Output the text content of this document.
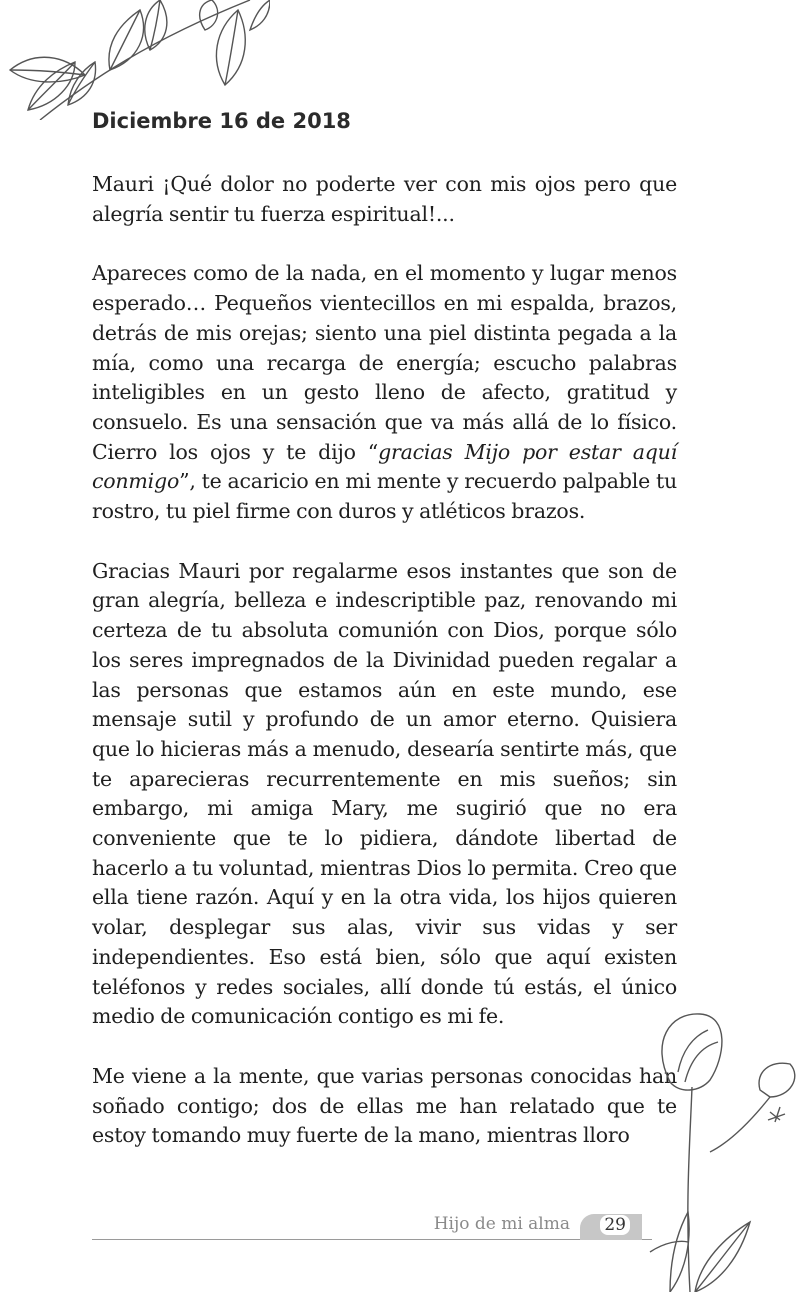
Diciembre 16 de 2018

Mauri ¡Qué dolor no poderte ver con mis ojos pero que alegría sentir tu fuerza espiritual!...

Apareces como de la nada, en el momento y lugar menos esperado… Pequeños vientecillos en mi espalda, brazos, detrás de mis orejas; siento una piel distinta pegada a la mía, como una recarga de energía; escucho palabras inteligibles en un gesto lleno de afecto, gratitud y consuelo. Es una sensación que va más allá de lo físico. Cierro los ojos y te dijo “gracias Mijo por estar aquí conmigo”, te acaricio en mi mente y recuerdo palpable tu rostro, tu piel firme con duros y atléticos brazos.

Gracias Mauri por regalarme esos instantes que son de gran alegría, belleza e indescriptible paz, renovando mi certeza de tu absoluta comunión con Dios, porque sólo los seres impregnados de la Divinidad pueden regalar a las personas que estamos aún en este mundo, ese mensaje sutil y profundo de un amor eterno. Quisiera que lo hicieras más a menudo, desearía sentirte más, que te aparecieras recurrentemente en mis sueños; sin embargo, mi amiga Mary, me sugirió que no era conveniente que te lo pidiera, dándote libertad de hacerlo a tu voluntad, mientras Dios lo permita. Creo que ella tiene razón. Aquí y en la otra vida, los hijos quieren volar, desplegar sus alas, vivir sus vidas y ser independientes. Eso está bien, sólo que aquí existen teléfonos y redes sociales, allí donde tú estás, el único medio de comunicación contigo es mi fe.

Me viene a la mente, que varias personas conocidas han soñado contigo; dos de ellas me han relatado que te estoy tomando muy fuerte de la mano, mientras lloro

Hijo de mi alma 29
